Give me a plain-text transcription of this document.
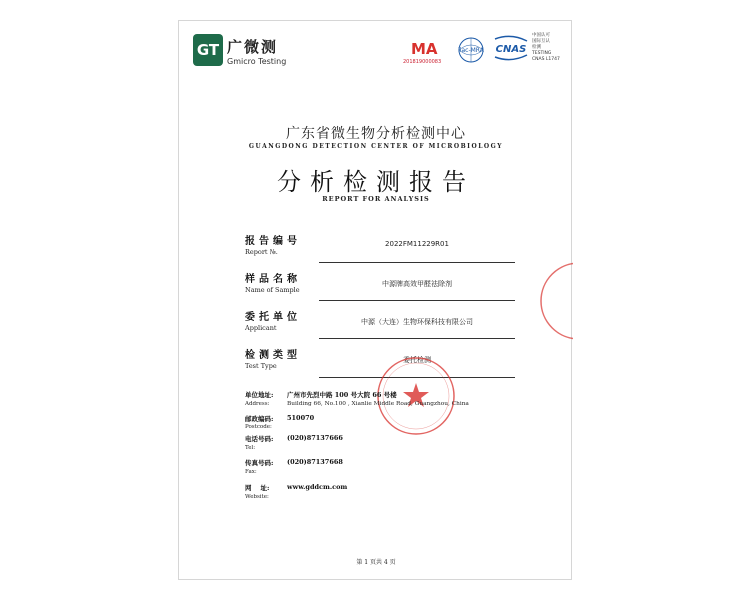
GT 广微测
Gmicro Testing
MA
201819000083
ilac-MRA CNAS
中国认可
国际互认
检测
TESTING
CNAS L1747
广东省微生物分析检测中心
GUANGDONG DETECTION CENTER OF MICROBIOLOGY
分析检测报告
REPORT FOR ANALYSIS
报告编号
Report №.
2022FM11229R01
样品名称
Name of Sample
中源牌高效甲醛祛除剂
委托单位
Applicant
中源（大连）生物环保科技有限公司
检测类型
Test Type
委托检测
单位地址:
Address:
广州市先烈中路 100 号大院 66 号楼
Building 66, No.100 , Xianlie Middle Road, Guangzhou, China
邮政编码:
Postcode:
510070
电话号码:
Tel:
(020)87137666
传真号码:
Fax:
(020)87137668
网    址:
Website:
www.gddcm.com
第 1 页共 4 页
